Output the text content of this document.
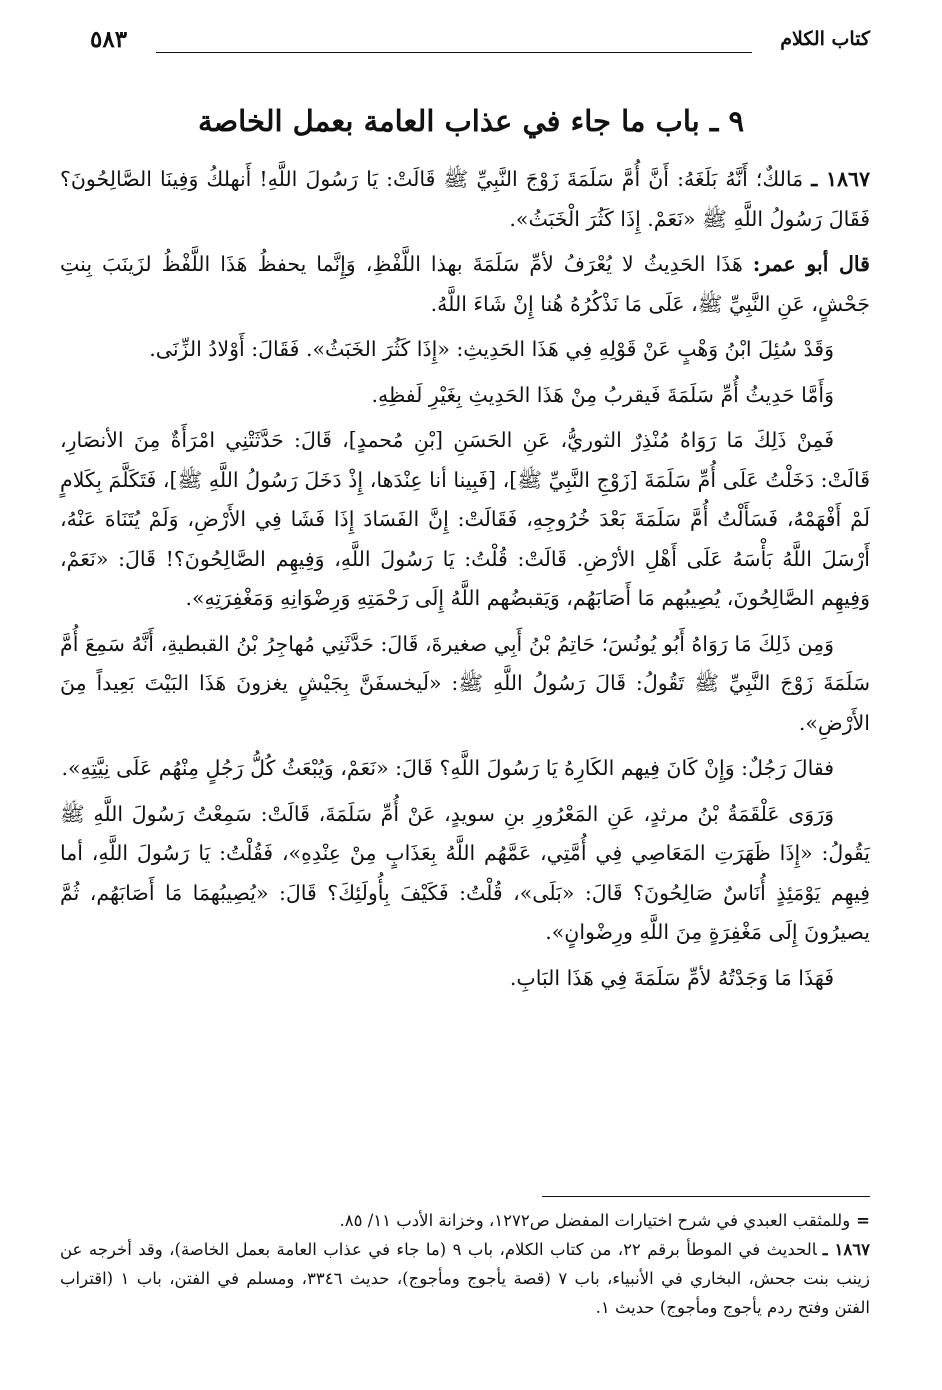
كتاب الكلام
٥٨٣
٩ ـ باب ما جاء في عذاب العامة بعمل الخاصة

١٨٦٧ ـ مَالكٌ؛ أَنَّهُ بَلَغَهُ: أَنَّ أُمَّ سَلَمَةَ زَوْجَ النَّبِيِّ ﷺ قَالَتْ: يَا رَسُولَ اللَّهِ! أَنهلكُ وَفِينَا الصَّالِحُونَ؟ فَقَالَ رَسُولُ اللَّهِ ﷺ «نَعَمْ. إِذَا كَثُرَ الْخَبَثُ».

قال أبو عمر: هَذَا الحَدِيثُ لا يُعْرَفُ لأمِّ سَلَمَةَ بهذا اللَّفْظِ، وَإِنَّما يحفظُ هَذَا اللَّفْظُ لزَينَبَ بِنتِ جَحْشٍ، عَنِ النَّبِيِّ ﷺ، عَلَى مَا نَذْكُرُهُ هُنا إِنْ شَاءَ اللَّهُ.

وَقَدْ سُئِلَ ابْنُ وَهْبٍ عَنْ قَوْلِهِ فِي هَذَا الحَدِيثِ: «إِذَا كَثُرَ الخَبَثُ». فَقَالَ: أَوْلادُ الزِّنَى.

وَأَمَّا حَدِيثُ أُمِّ سَلَمَةَ فَيقربُ مِنْ هَذَا الحَدِيثِ بِغَيْرِ لَفظِهِ.

فَمِنْ ذَلِكَ مَا رَوَاهُ مُنْذِرٌ الثوريُّ، عَنِ الحَسَنِ [بْنِ مُحمدٍ]، قَالَ: حَدَّثَتْنِي امْرَأَةٌ مِنَ الأنصَارِ، قَالَتْ: دَخَلْتُ عَلَى أُمِّ سَلَمَةَ [زَوْجِ النَّبِيِّ ﷺ]، [فَبِينا أنا عِنْدَها، إِذْ دَخَلَ رَسُولُ اللَّهِ ﷺ]، فَتَكَلَّمَ بِكَلامٍ لَمْ أَفْهَمْهُ، فَسَأَلْتُ أُمَّ سَلَمَةَ بَعْدَ خُرُوجِهِ، فَقَالَتْ: إِنَّ الفَسَادَ إِذَا فَشَا فِي الأَرْضِ، وَلَمْ يُتَنَاهَ عَنْهُ، أَرْسَلَ اللَّهُ بَأْسَهُ عَلَى أَهْلِ الأرْضِ. قَالَتْ: قُلْتُ: يَا رَسُولَ اللَّهِ، وَفِيهِم الصَّالِحُونَ؟! قَالَ: «نَعَمْ، وَفِيهِم الصَّالِحُونَ، يُصِيبُهم مَا أَصَابَهُم، وَيَقبضُهم اللَّهُ إِلَى رَحْمَتِهِ وَرِضْوَانِهِ وَمَغْفِرَتِهِ».

وَمِن ذَلِكَ مَا رَوَاهُ أَبُو يُونُسَ؛ حَاتِمُ بْنُ أَبِي صغيرةَ، قَالَ: حَدَّثَنِي مُهاجِرُ بْنُ القبطيةِ، أَنَّهُ سَمِعَ أُمَّ سَلَمَةَ زَوْجَ النَّبِيِّ ﷺ تَقُولُ: قَالَ رَسُولُ اللَّهِ ﷺ: «لَيخسفَنَّ بِجَيْشٍ يغزونَ هَذَا البَيْتَ بَعِيداً مِنَ الأَرْضِ».

فقالَ رَجُلٌ: وَإِنْ كَانَ فِيهم الكَارِهُ يَا رَسُولَ اللَّهِ؟ قَالَ: «نَعَمْ، وَيُبْعَثُ كُلُّ رَجُلٍ مِنْهُم عَلَى نِيَّتِهِ».

وَرَوَى عَلْقَمَةُ بْنُ مرثدٍ، عَنِ المَعْرُورِ بنِ سويدٍ، عَنْ أُمِّ سَلَمَةَ، قَالَتْ: سَمِعْتُ رَسُولَ اللَّهِ ﷺ يَقُولُ: «إِذَا ظَهَرَتِ المَعَاصِي فِي أُمَّتِي، عَمَّهُم اللَّهُ بِعَذَابٍ مِنْ عِنْدِهِ»، فَقُلْتُ: يَا رَسُولَ اللَّهِ، أما فِيهِم يَوْمَئِذٍ أُنَاسٌ صَالِحُونَ؟ قَالَ: «بَلَى»، قُلْتُ: فَكَيْفَ بِأُولَئِكَ؟ قَالَ: «يُصِيبُهمَا مَا أَصَابَهُم، ثُمَّ يصيرُونَ إِلَى مَغْفِرَةٍ مِنَ اللَّهِ ورِضْوانٍ».

فَهَذَا مَا وَجَدْتُهُ لأمِّ سَلَمَةَ فِي هَذَا البَابِ.

=وللمثقب العبدي في شرح اختيارات المفضل ص١٢٧٢، وخزانة الأدب ١١/ ٨٥.

١٨٦٧ ـالحديث في الموطأ برقم ٢٢، من كتاب الكلام، باب ٩ (ما جاء في عذاب العامة بعمل الخاصة)، وقد أخرجه عن زينب بنت جحش، البخاري في الأنبياء، باب ٧ (قصة يأجوج ومأجوج)، حديث ٣٣٤٦، ومسلم في الفتن، باب ١ (اقتراب الفتن وفتح ردم يأجوج ومأجوج) حديث ١.
